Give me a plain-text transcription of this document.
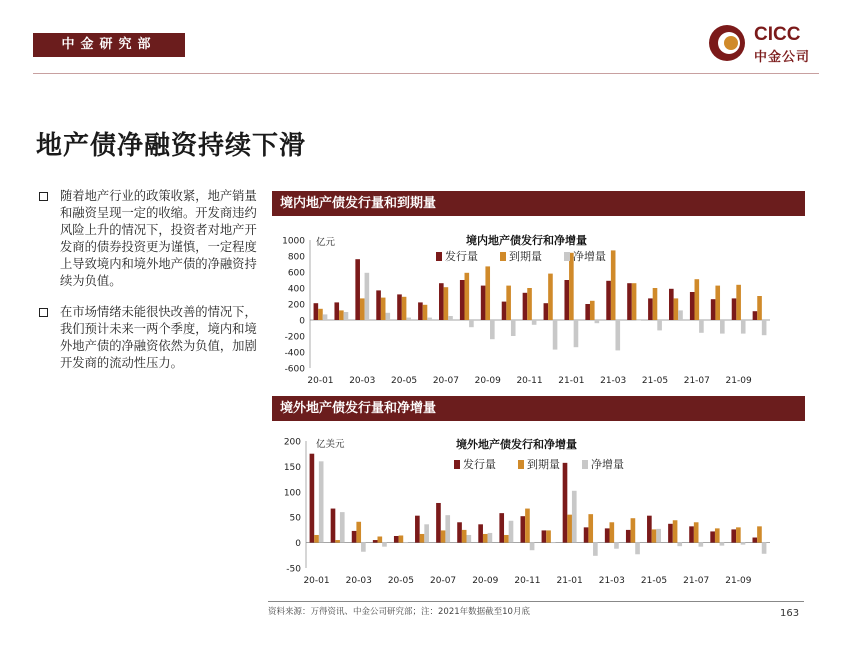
中金研究部	CICC
中金公司
地产债净融资持续下滑
随着地产行业的政策收紧，地产销量和融资呈现一定的收缩。开发商违约风险上升的情况下，投资者对地产开发商的债券投资更为谨慎，一定程度上导致境内和境外地产债的净融资持续为负值。
在市场情绪未能很快改善的情况下，我们预计未来一两个季度，境内和境外地产债的净融资依然为负值，加剧开发商的流动性压力。
境内地产债发行量和到期量
-600
-400
-200
0
200
400
600
800
1000
20-01 20-03 20-05 20-07 20-09 20-11 21-01 21-03 21-05 21-07 21-09
亿元	境内地产债发行和净增量
发行量	到期量	净增量
境外地产债发行量和净增量
-50
0
50
100
150
200
20-01 20-03 20-05 20-07 20-09 20-11 21-01 21-03 21-05 21-07 21-09
亿美元	境外地产债发行和净增量
发行量	到期量	净增量
资料来源：万得资讯、中金公司研究部；注：2021年数据截至10月底	163
